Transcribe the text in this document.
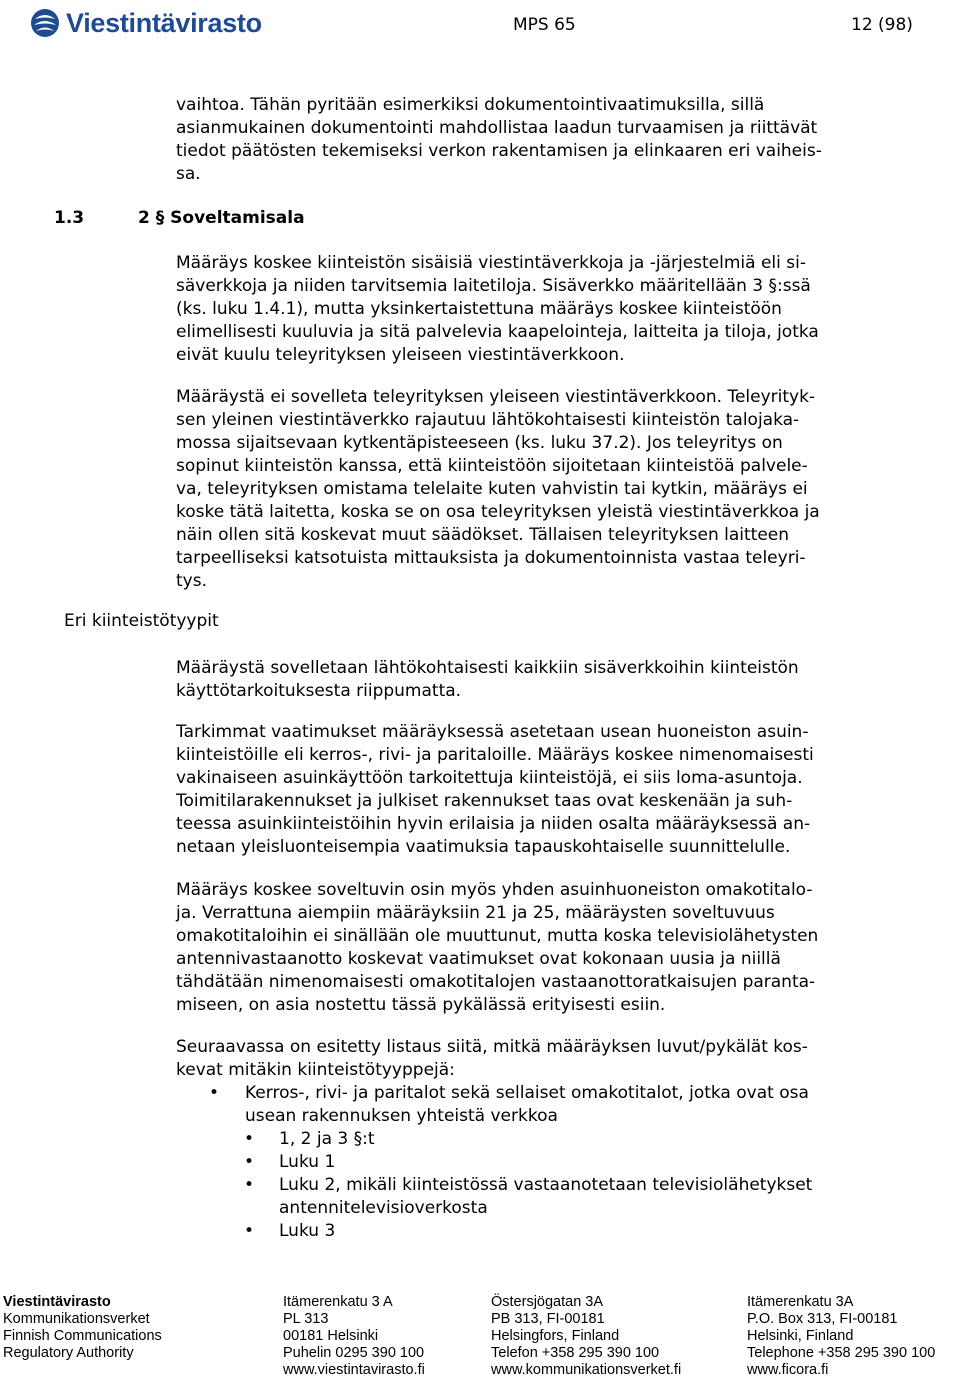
Viestintävirasto	MPS 65	12 (98)

vaihtoa. Tähän pyritään esimerkiksi dokumentointivaatimuksilla, sillä

asianmukainen dokumentointi mahdollistaa laadun turvaamisen ja riittävät

tiedot päätösten tekemiseksi verkon rakentamisen ja elinkaaren eri vaiheis-

sa.

1.3	2 § Soveltamisala

Määräys koskee kiinteistön sisäisiä viestintäverkkoja ja -järjestelmiä eli si-

säverkkoja ja niiden tarvitsemia laitetiloja. Sisäverkko määritellään 3 §:ssä

(ks. luku 1.4.1), mutta yksinkertaistettuna määräys koskee kiinteistöön

elimellisesti kuuluvia ja sitä palvelevia kaapelointeja, laitteita ja tiloja, jotka

eivät kuulu teleyrityksen yleiseen viestintäverkkoon.

Määräystä ei sovelleta teleyrityksen yleiseen viestintäverkkoon. Teleyrityk-

sen yleinen viestintäverkko rajautuu lähtökohtaisesti kiinteistön talojaka-

mossa sijaitsevaan kytkentäpisteeseen (ks. luku 37.2). Jos teleyritys on

sopinut kiinteistön kanssa, että kiinteistöön sijoitetaan kiinteistöä palvele-

va, teleyrityksen omistama telelaite kuten vahvistin tai kytkin, määräys ei

koske tätä laitetta, koska se on osa teleyrityksen yleistä viestintäverkkoa ja

näin ollen sitä koskevat muut säädökset. Tällaisen teleyrityksen laitteen

tarpeelliseksi katsotuista mittauksista ja dokumentoinnista vastaa teleyri-

tys.

Eri kiinteistötyypit

Määräystä sovelletaan lähtökohtaisesti kaikkiin sisäverkkoihin kiinteistön

käyttötarkoituksesta riippumatta.

Tarkimmat vaatimukset määräyksessä asetetaan usean huoneiston asuin-

kiinteistöille eli kerros-, rivi- ja paritaloille. Määräys koskee nimenomaisesti

vakinaiseen asuinkäyttöön tarkoitettuja kiinteistöjä, ei siis loma-asuntoja.

Toimitilarakennukset ja julkiset rakennukset taas ovat keskenään ja suh-

teessa asuinkiinteistöihin hyvin erilaisia ja niiden osalta määräyksessä an-

netaan yleisluonteisempia vaatimuksia tapauskohtaiselle suunnittelulle.

Määräys koskee soveltuvin osin myös yhden asuinhuoneiston omakotitalo-

ja. Verrattuna aiempiin määräyksiin 21 ja 25, määräysten soveltuvuus

omakotitaloihin ei sinällään ole muuttunut, mutta koska televisiolähetysten

antennivastaanotto koskevat vaatimukset ovat kokonaan uusia ja niillä

tähdätään nimenomaisesti omakotitalojen vastaanottoratkaisujen paranta-

miseen, on asia nostettu tässä pykälässä erityisesti esiin.

Seuraavassa on esitetty listaus siitä, mitkä määräyksen luvut/pykälät kos-

kevat mitäkin kiinteistötyyppejä:

• Kerros-, rivi- ja paritalot sekä sellaiset omakotitalot, jotka ovat osa
usean rakennuksen yhteistä verkkoa
• 1, 2 ja 3 §:t
• Luku 1
• Luku 2, mikäli kiinteistössä vastaanotetaan televisiolähetykset
antennitelevisioverkosta
• Luku 3
Viestintävirasto
Kommunikationsverket
Finnish Communications
Regulatory Authority
Itämerenkatu 3 A
PL 313
00181 Helsinki
Puhelin 0295 390 100
www.viestintavirasto.fi
Östersjögatan 3A
PB 313, FI-00181
Helsingfors, Finland
Telefon +358 295 390 100
www.kommunikationsverket.fi
Itämerenkatu 3A
P.O. Box 313, FI-00181
Helsinki, Finland
Telephone +358 295 390 100
www.ficora.fi
